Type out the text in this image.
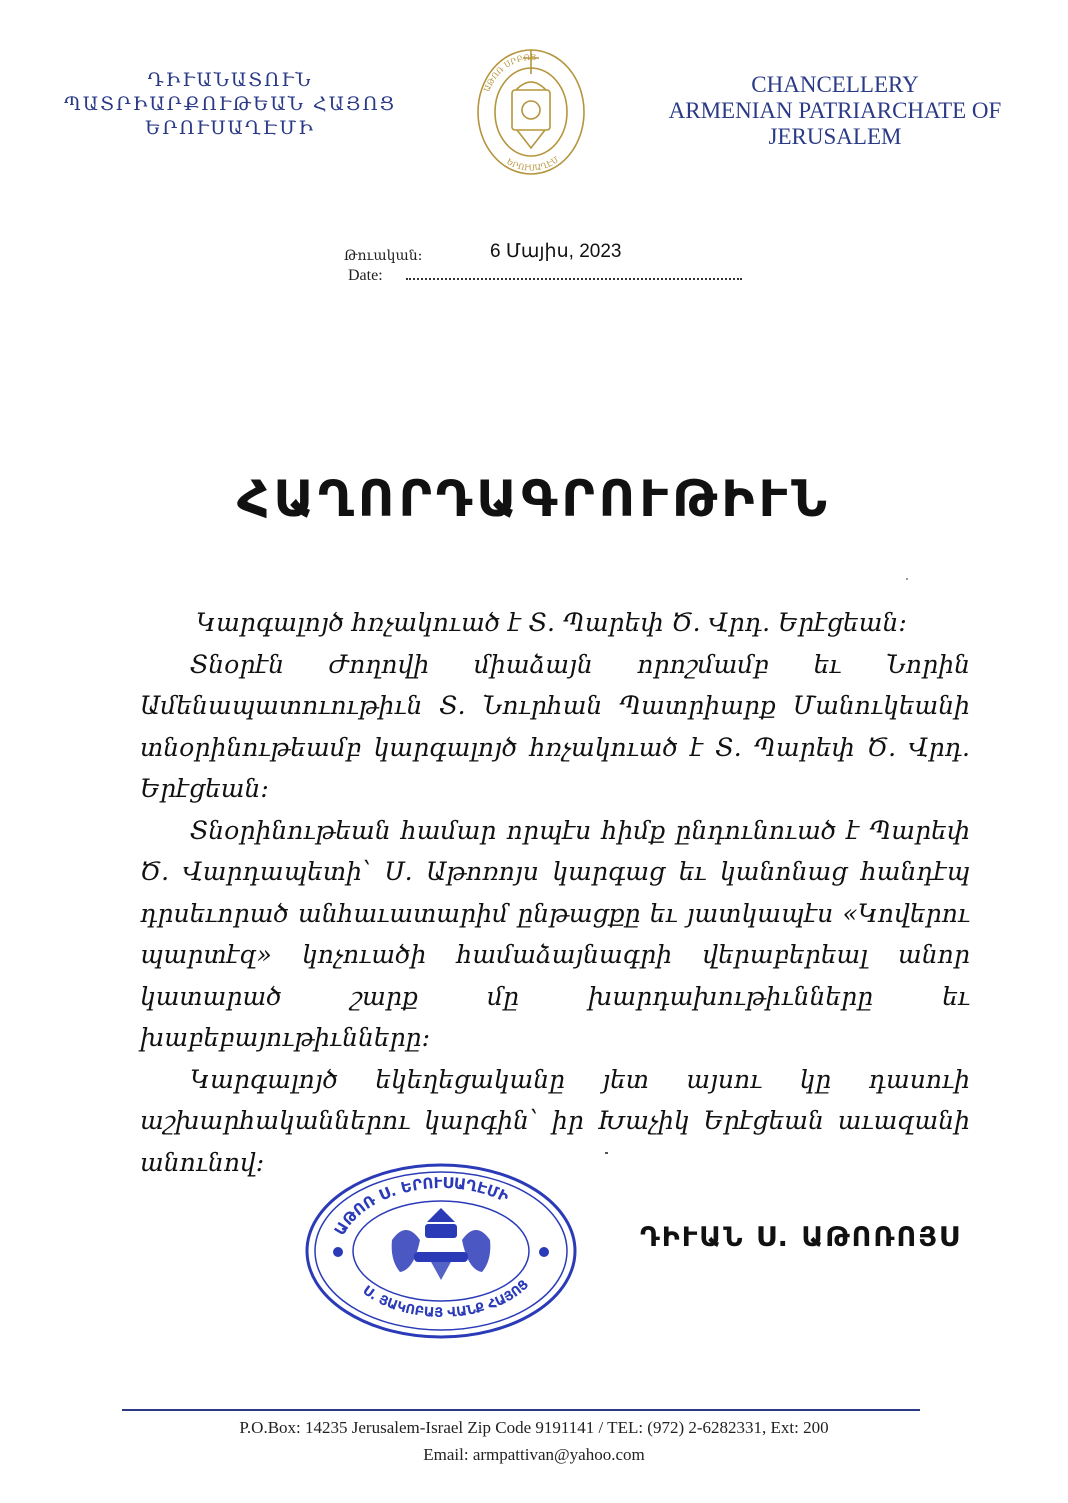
ԴԻՒԱՆԱՏՈՒՆ
ՊԱՏՐԻԱՐՔՈՒԹԵԱՆ ՀԱՅՈՑ
ԵՐՈՒՍԱՂԷՄԻ
ԱԹՈՌ ՍՐԲՈՑ
ԵՐՈՒՍԱՂԷՄ
CHANCELLERY
ARMENIAN PATRIARCHATE OF
JERUSALEM
Թուական։
Date:
6 Մայիս, 2023
ՀԱՂՈՐԴԱԳՐՈՒԹԻՒՆ

Կարգալոյծ հռչակուած է Տ. Պարեփ Ծ. Վրդ. Երէցեան։

Տնօրէն Ժողովի միաձայն որոշմամբ եւ Նորին Ամենապատուութիւն Տ. Նուրհան Պատրիարք Մանուկեանի տնօրինութեամբ կարգալոյծ հռչակուած է Տ. Պարեփ Ծ. Վրդ. Երէցեան։

Տնօրինութեան համար որպէս հիմք ընդունուած է Պարեփ Ծ. Վարդապետի՝ Ս. Աթոռոյս կարգաց եւ կանոնաց հանդէպ դրսեւորած անհաւատարիմ ընթացքը եւ յատկապէս «Կովերու պարտէզ» կոչուածի համաձայնագրի վերաբերեալ անոր կատարած շարք մը խարդախութիւնները եւ խաբեբայութիւնները։

Կարգալոյծ եկեղեցականը յետ այսու կը դասուի աշխարհականներու կարգին՝ իր Խաչիկ Երէցեան աւազանի անունով։

ԱԹՈՌ Ս. ԵՐՈՒՍԱՂԷՄԻ
Ս. ՅԱԿՈԲԱՅ ՎԱՆՔ ՀԱՅՈՑ
ԴԻՒԱՆ Ս. ԱԹՈՌՈՅՍ
P.O.Box: 14235 Jerusalem-Israel Zip Code 9191141 / TEL: (972) 2-6282331, Ext: 200
Email: armpattivan@yahoo.com
